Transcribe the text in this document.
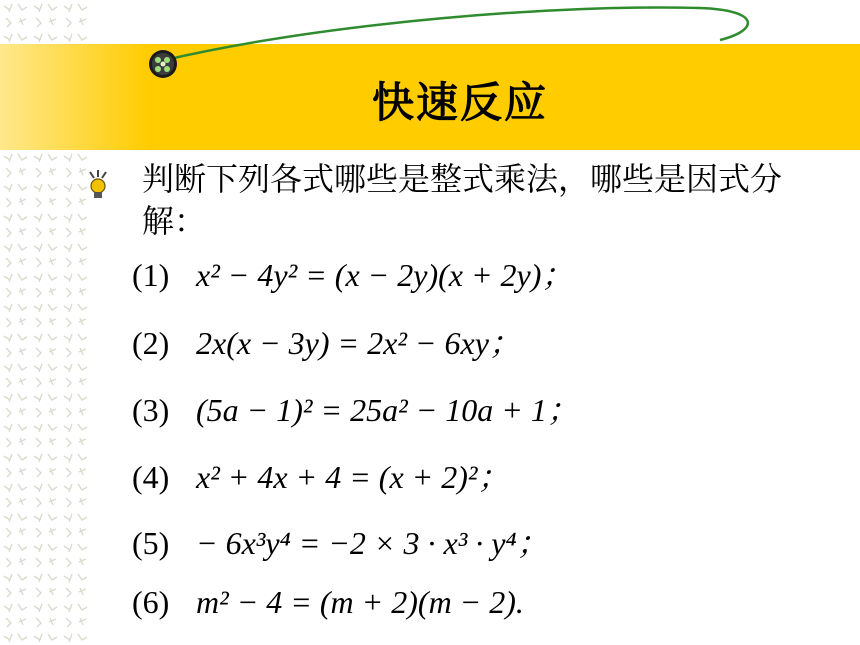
快速反应

判断下列各式哪些是整式乘法，哪些是因式分解：

(1) x² − 4y² = (x − 2y)(x + 2y)；
(2) 2x(x − 3y) = 2x² − 6xy；
(3) (5a − 1)² = 25a² − 10a + 1；
(4) x² + 4x + 4 = (x + 2)²；
(5) − 6x³y⁴ = −2 × 3 · x³ · y⁴；
(6) m² − 4 = (m + 2)(m − 2).
